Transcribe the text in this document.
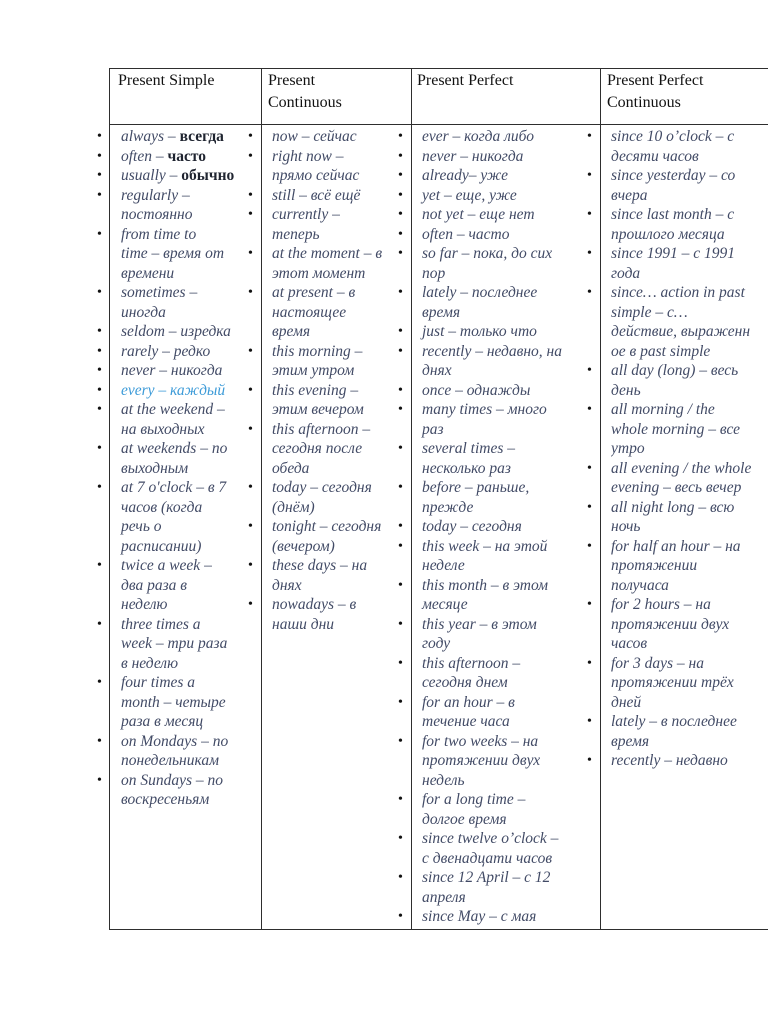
Present Simple	Present
Continuous
Present Perfect	Present Perfect
Continuous
• always – всегда
• often – часто
• usually – обычно
• regularly –
постоянно
• from time to
time – время от
времени
• sometimes –
иногда
• seldom – изредка
• rarely – редко
• never – никогда
• every – каждый
• at the weekend –
на выходных
• at weekends – по
выходным
• at 7 o'clock – в 7
часов (когда
речь о
расписании)
• twice a week –
два раза в
неделю
• three times a
week – три раза
в неделю
• four times a
month – четыре
раза в месяц
• on Mondays – по
понедельникам
• on Sundays – по
воскресеньям
• now – сейчас
• right now –
прямо сейчас
• still – всё ещё
• currently –
теперь
• at the moment – в
этот момент
• at present – в
настоящее
время
• this morning –
этим утром
• this evening –
этим вечером
• this afternoon –
сегодня после
обеда
• today – сегодня
(днём)
• tonight – сегодня
(вечером)
• these days – на
днях
• nowadays – в
наши дни
• ever – когда либо
• never – никогда
• already– уже
• yet – еще, уже
• not yet – еще нет
• often – часто
• so far – пока, до сих
пор
• lately – последнее
время
• just – только что
• recently – недавно, на
днях
• once – однажды
• many times – много
раз
• several times –
несколько раз
• before – раньше,
прежде
• today – сегодня
• this week – на этой
неделе
• this month – в этом
месяце
• this year – в этом
году
• this afternoon –
сегодня днем
• for an hour – в
течение часа
• for two weeks – на
протяжении двух
недель
• for a long time –
долгое время
• since twelve o’clock –
с двенадцати часов
• since 12 April – с 12
апреля
• since May – с мая
since 10 o’clock – с
десяти часов
since yesterday – со
вчера
since last month – с
прошлого месяца
since 1991 – с 1991
года
since… action in past
simple – с…
действие, выраженн
ое в past simple
all day (long) – весь
день
all morning / the
whole morning – все
утро
all evening / the whole
evening – весь вечер
all night long – всю
ночь
for half an hour – на
протяжении
получаса
for 2 hours – на
протяжении двух
часов
for 3 days – на
протяжении трёх
дней
lately – в последнее
время
recently – недавно
•
•
•
•
•
•
•
•
•
•
•
•
•
•
